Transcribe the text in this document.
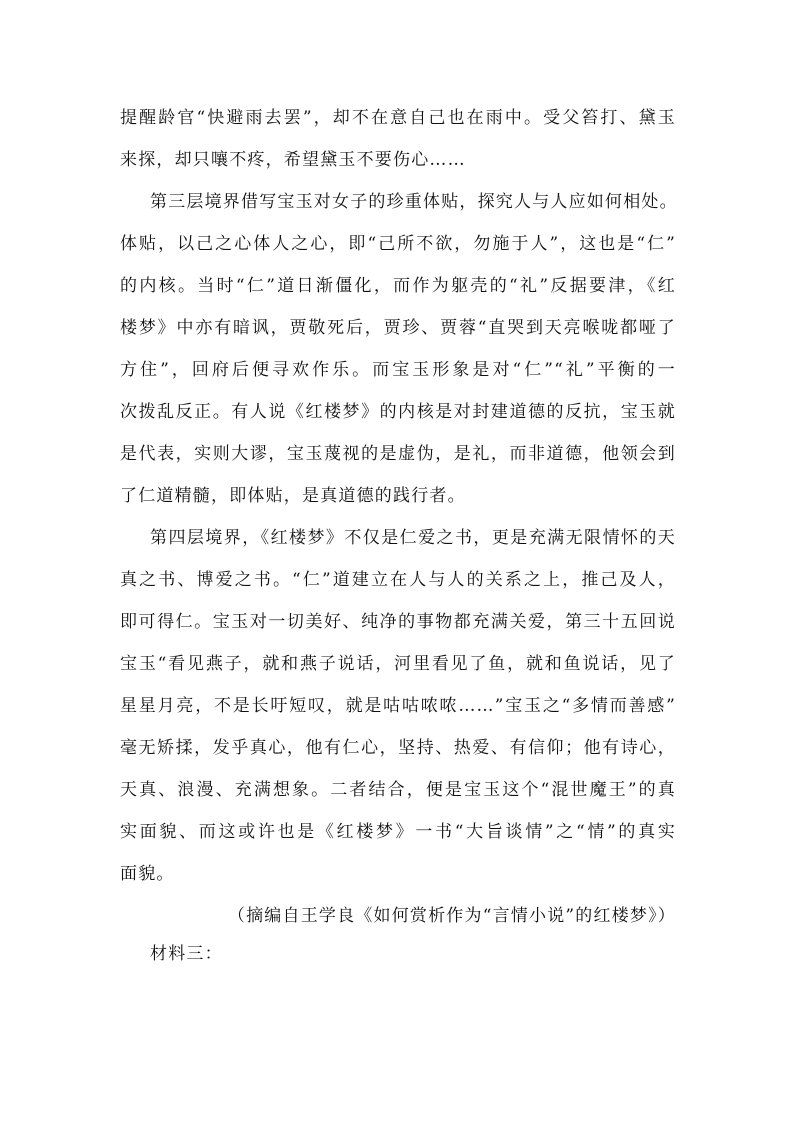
提醒龄官“快避雨去罢”，却不在意自己也在雨中。受父笞打、黛玉
来探，却只嚷不疼，希望黛玉不要伤心……
第三层境界借写宝玉对女子的珍重体贴，探究人与人应如何相处。
体贴，以己之心体人之心，即“己所不欲，勿施于人”，这也是“仁”
的内核。当时“仁”道日渐僵化，而作为躯壳的“礼”反据要津，《红
楼梦》中亦有暗讽，贾敬死后，贾珍、贾蓉“直哭到天亮喉咙都哑了
方住”，回府后便寻欢作乐。而宝玉形象是对“仁”“礼”平衡的一
次拨乱反正。有人说《红楼梦》的内核是对封建道德的反抗，宝玉就
是代表，实则大谬，宝玉蔑视的是虚伪，是礼，而非道德，他领会到
了仁道精髓，即体贴，是真道德的践行者。
第四层境界，《红楼梦》不仅是仁爱之书，更是充满无限情怀的天
真之书、博爱之书。“仁”道建立在人与人的关系之上，推己及人，
即可得仁。宝玉对一切美好、纯净的事物都充满关爱，第三十五回说
宝玉“看见燕子，就和燕子说话，河里看见了鱼，就和鱼说话，见了
星星月亮，不是长吁短叹，就是咕咕哝哝……”宝玉之“多情而善感”
毫无矫揉，发乎真心，他有仁心，坚持、热爱、有信仰；他有诗心，
天真、浪漫、充满想象。二者结合，便是宝玉这个“混世魔王”的真
实面貌、而这或许也是《红楼梦》一书“大旨谈情”之“情”的真实
面貌。
（摘编自王学良《如何赏析作为“言情小说”的红楼梦》）
材料三：
